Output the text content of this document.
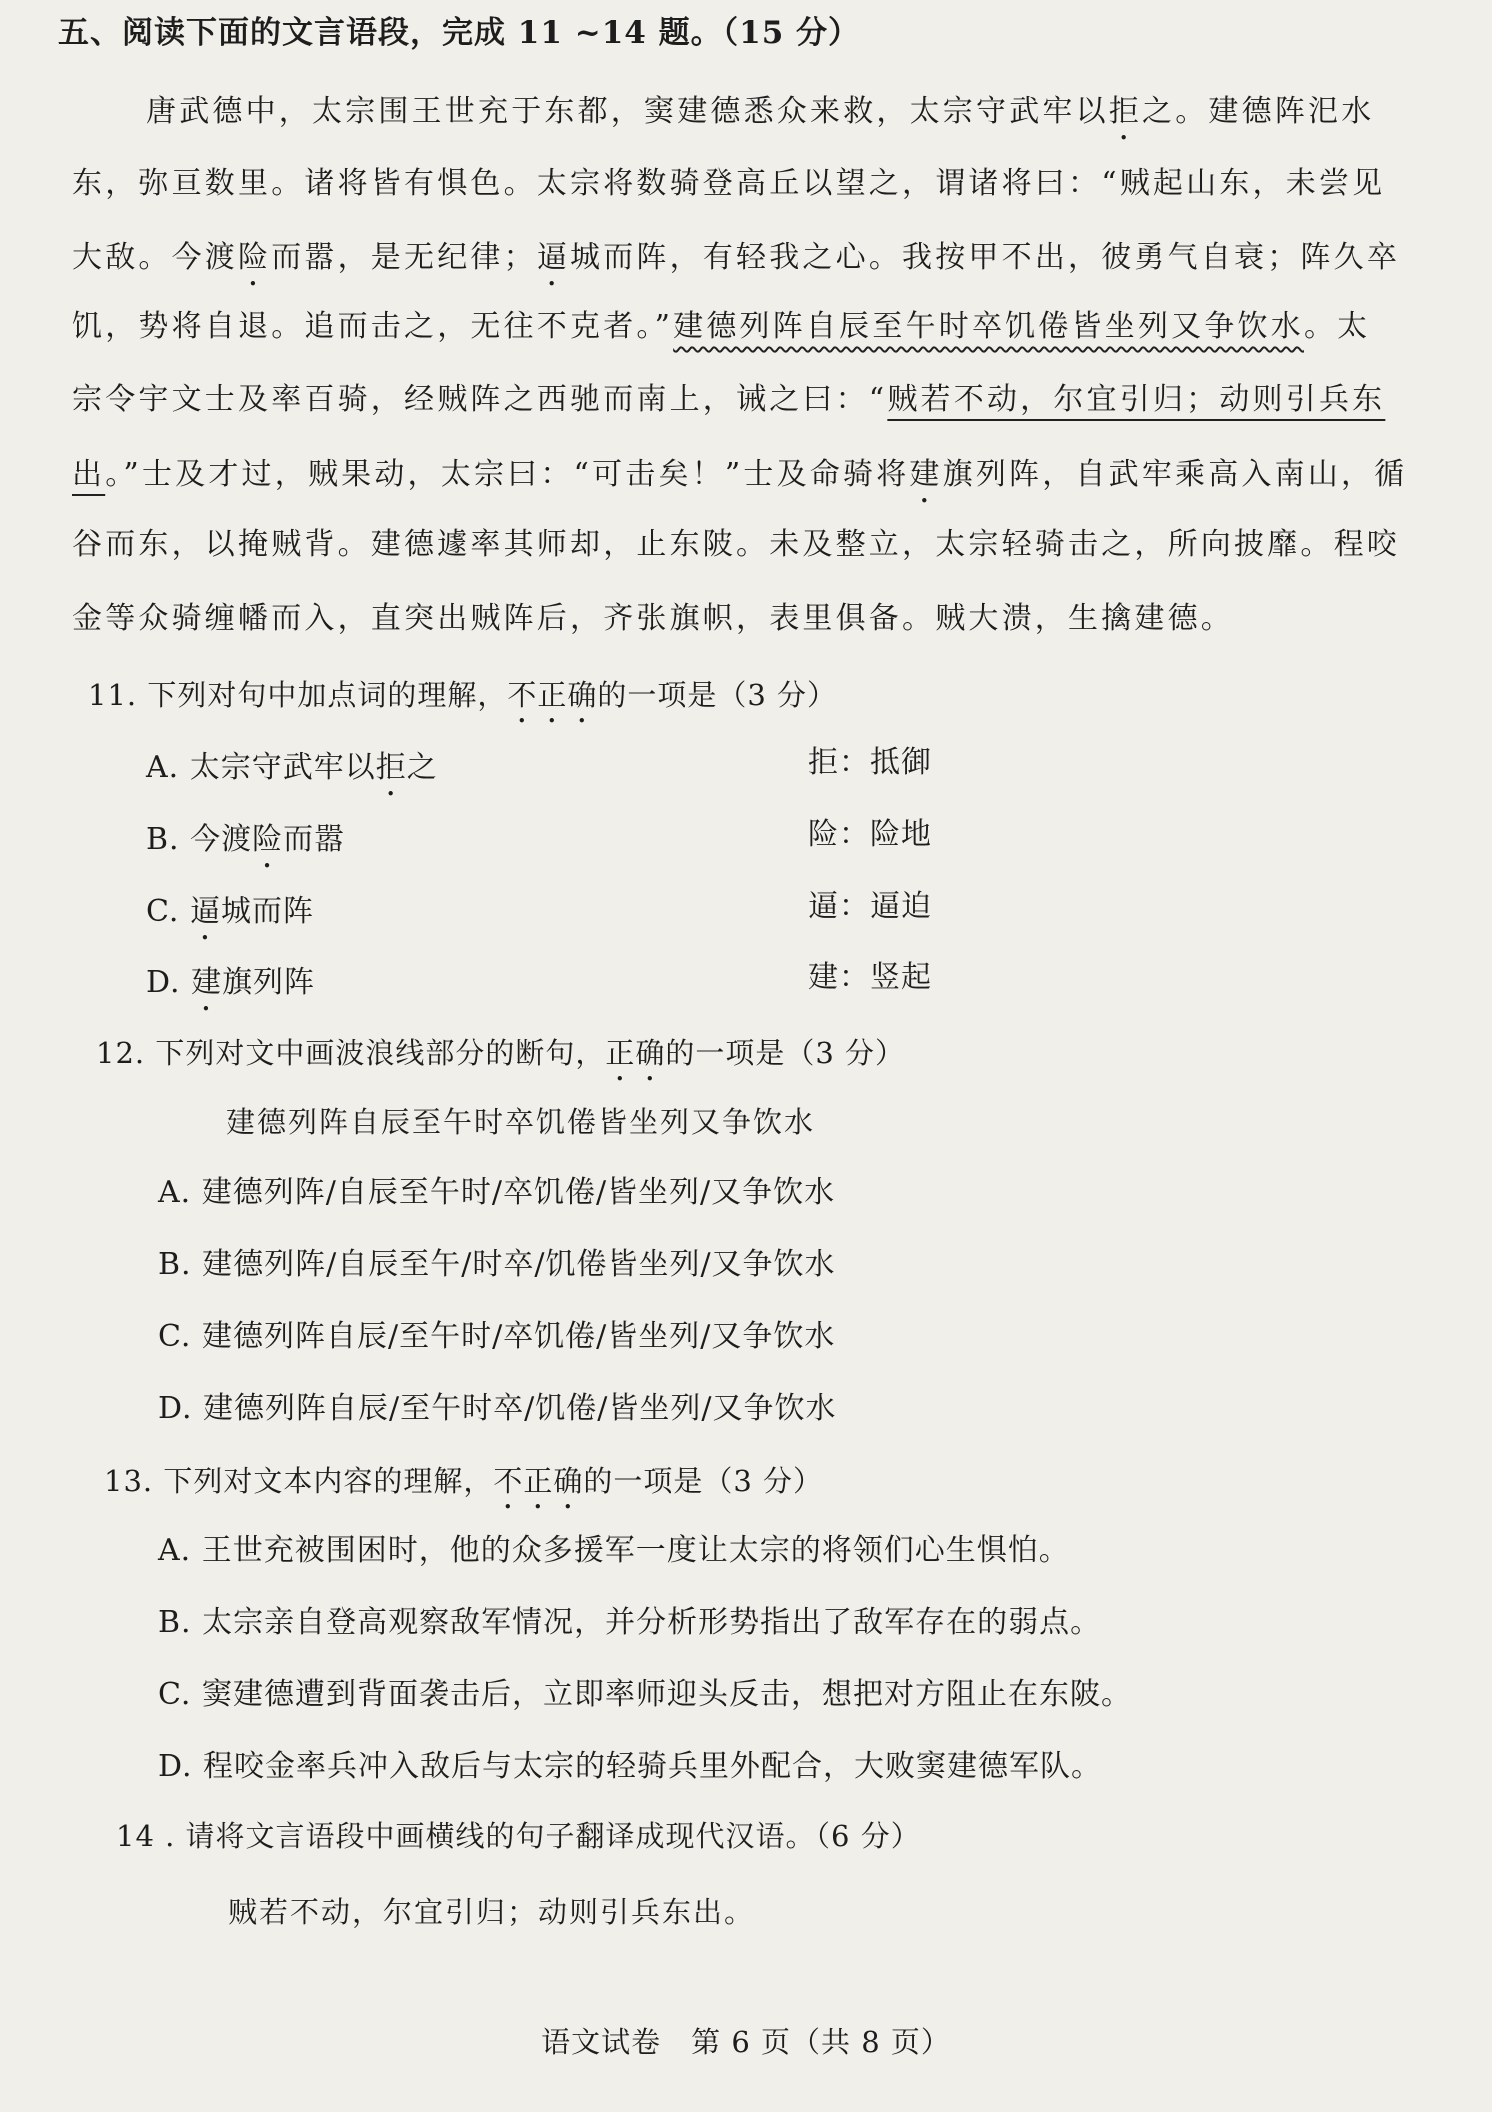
五、阅读下面的文言语段，完成 11 ~14 题。（15 分）
唐武德中，太宗围王世充于东都，窦建德悉众来救，太宗守武牢以拒之。建德阵汜水
东，弥亘数里。诸将皆有惧色。太宗将数骑登高丘以望之，谓诸将曰：“贼起山东，未尝见
大敌。今渡险而嚣，是无纪律；逼城而阵，有轻我之心。我按甲不出，彼勇气自衰；阵久卒
饥，势将自退。追而击之，无往不克者。”建德列阵自辰至午时卒饥倦皆坐列又争饮水。太
宗令宇文士及率百骑，经贼阵之西驰而南上，诫之曰：“贼若不动，尔宜引归；动则引兵东
出。”士及才过，贼果动，太宗曰：“可击矣！”士及命骑将建旗列阵，自武牢乘高入南山，循
谷而东，以掩贼背。建德遽率其师却，止东陂。未及整立，太宗轻骑击之，所向披靡。程咬
金等众骑缠幡而入，直突出贼阵后，齐张旗帜，表里俱备。贼大溃，生擒建德。
11. 下列对句中加点词的理解，不正确的一项是（3 分）
A. 太宗守武牢以拒之	拒：抵御
B. 今渡险而嚣	险：险地
C. 逼城而阵	逼：逼迫
D. 建旗列阵	建：竖起
12. 下列对文中画波浪线部分的断句，正确的一项是（3 分）
建德列阵自辰至午时卒饥倦皆坐列又争饮水
A. 建德列阵/自辰至午时/卒饥倦/皆坐列/又争饮水
B. 建德列阵/自辰至午/时卒/饥倦皆坐列/又争饮水
C. 建德列阵自辰/至午时/卒饥倦/皆坐列/又争饮水
D. 建德列阵自辰/至午时卒/饥倦/皆坐列/又争饮水
13. 下列对文本内容的理解，不正确的一项是（3 分）
A. 王世充被围困时，他的众多援军一度让太宗的将领们心生惧怕。
B. 太宗亲自登高观察敌军情况，并分析形势指出了敌军存在的弱点。
C. 窦建德遭到背面袭击后，立即率师迎头反击，想把对方阻止在东陂。
D. 程咬金率兵冲入敌后与太宗的轻骑兵里外配合，大败窦建德军队。
14 . 请将文言语段中画横线的句子翻译成现代汉语。（6 分）
贼若不动，尔宜引归；动则引兵东出。
语文试卷　第 6 页（共 8 页）
